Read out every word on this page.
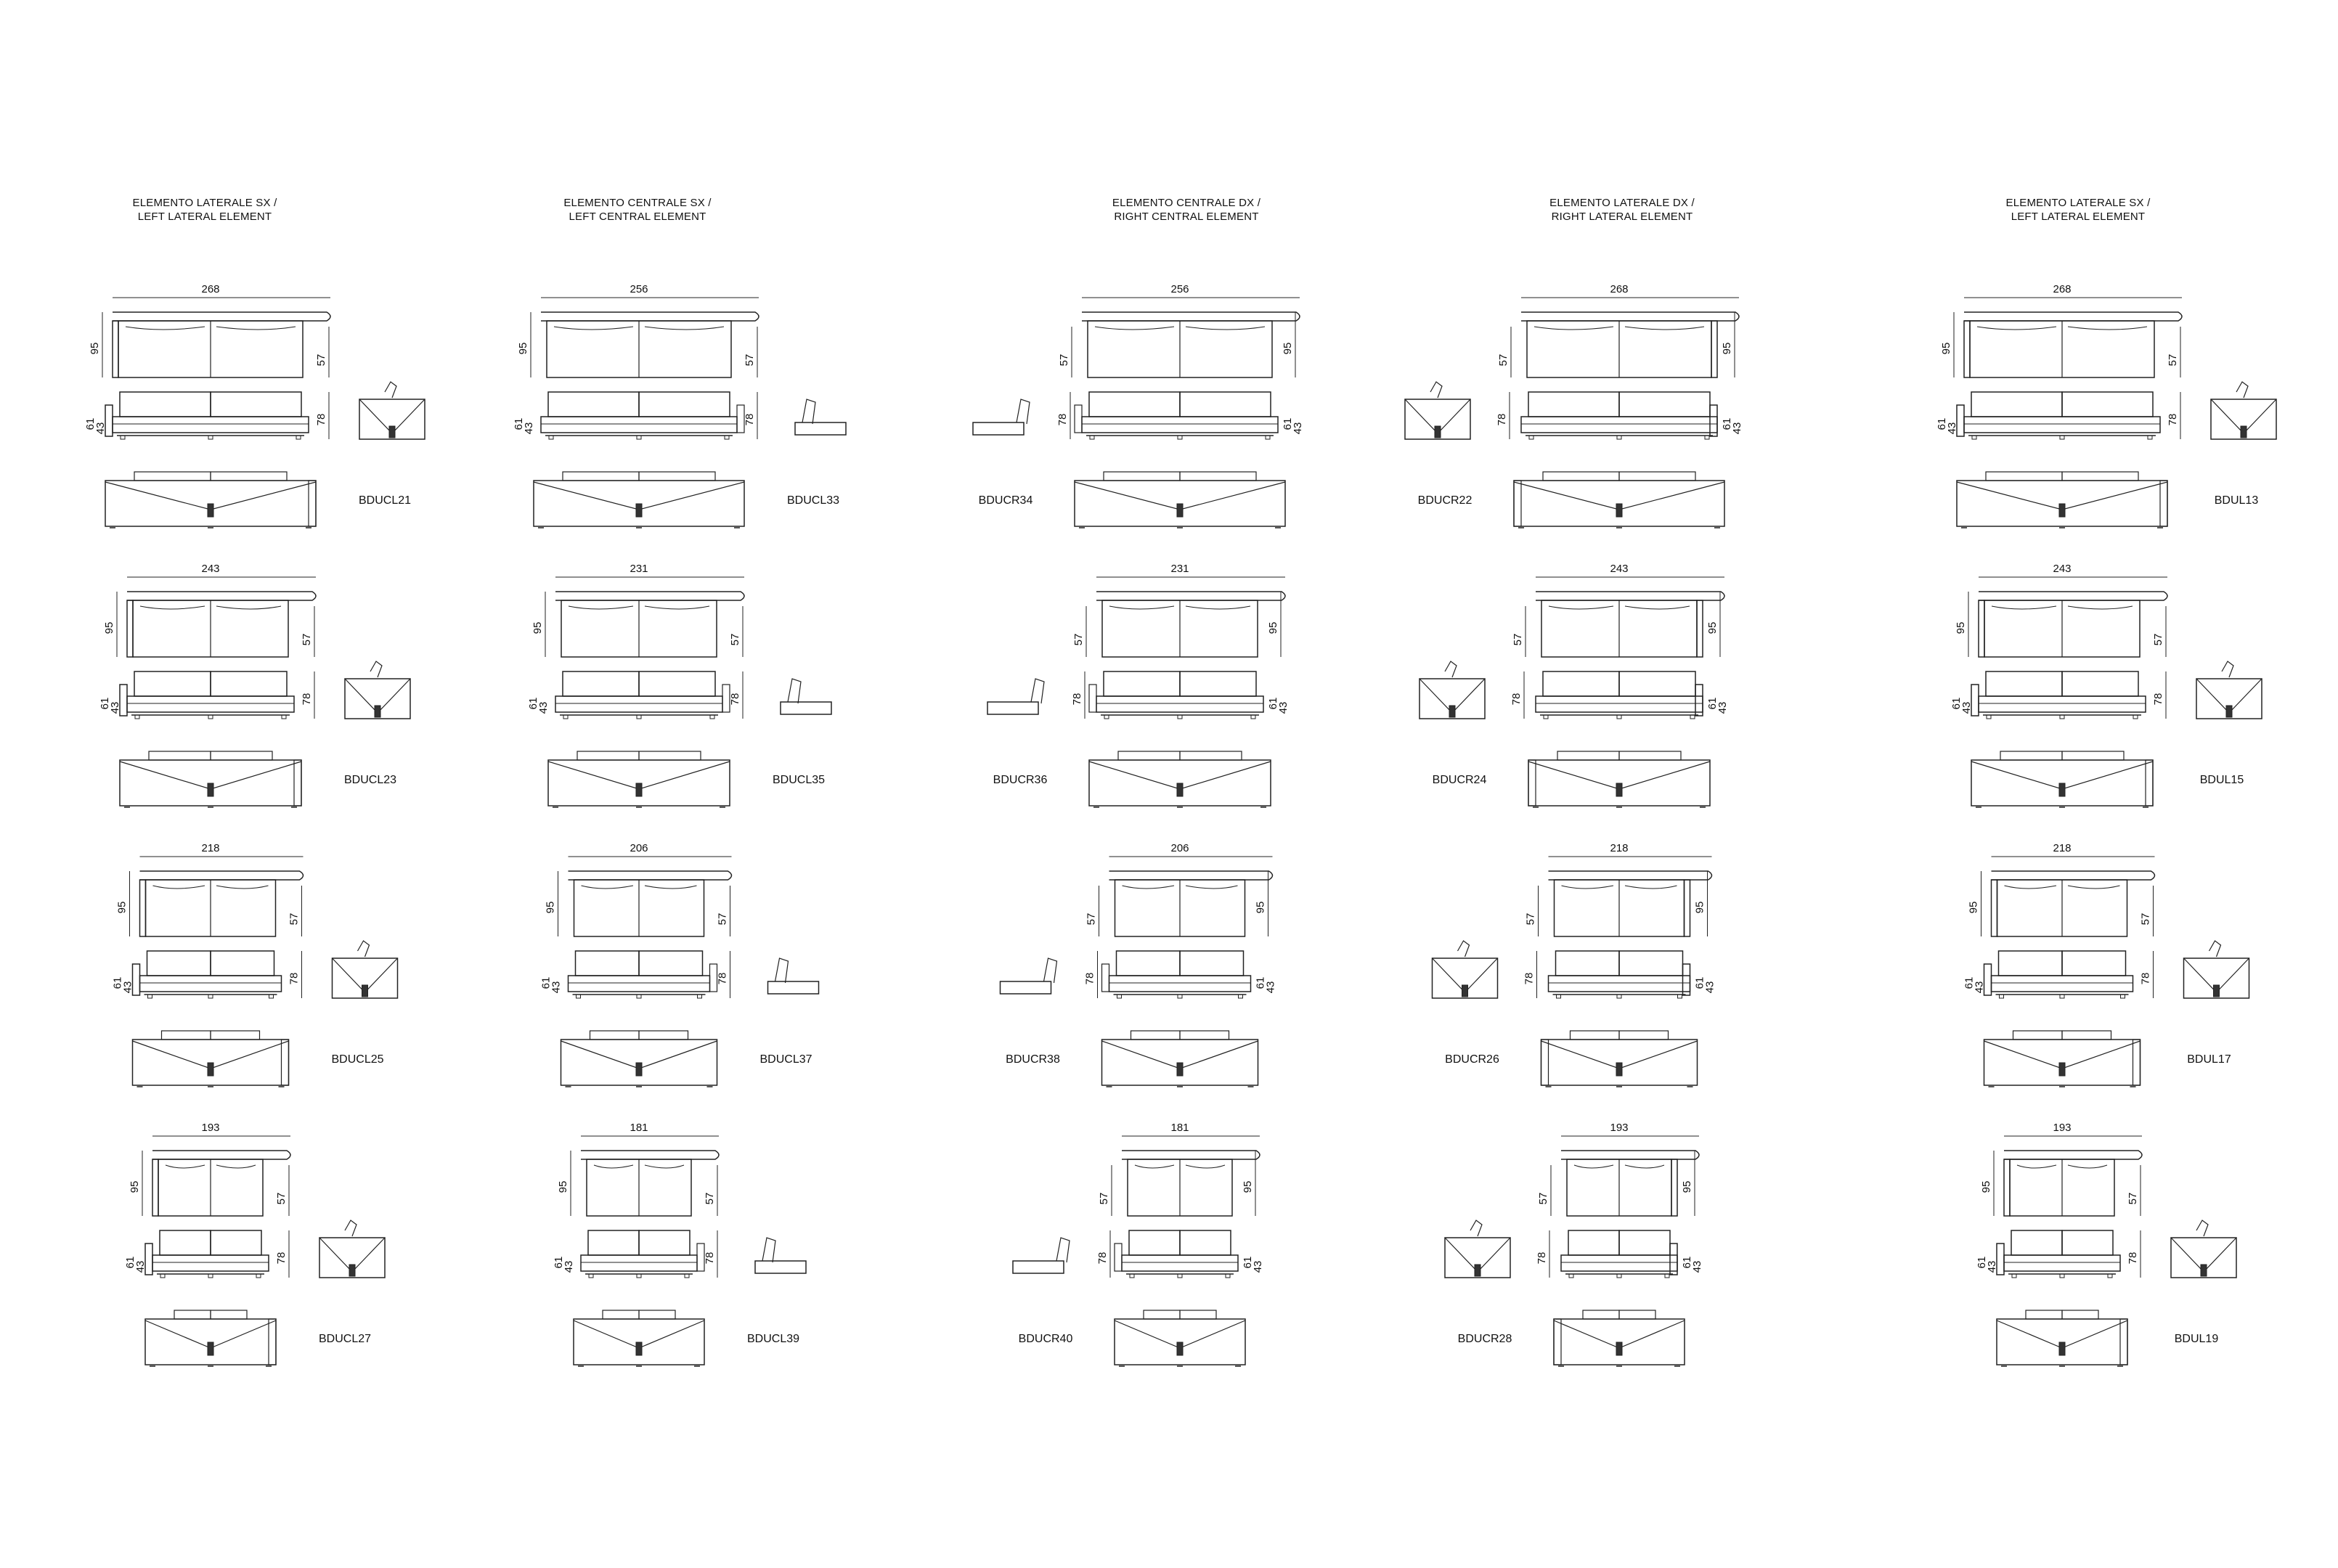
ELEMENTO LATERALE SX /
LEFT LATERAL ELEMENT
ELEMENTO CENTRALE SX /
LEFT CENTRAL ELEMENT
ELEMENTO CENTRALE DX /
RIGHT CENTRAL ELEMENT
ELEMENTO LATERALE DX /
RIGHT LATERAL ELEMENT
ELEMENTO LATERALE SX /
LEFT LATERAL ELEMENT
268
95
57
78
61
43
BDUCL21
243
95
57
78
61
43
BDUCL23
218
95
57
78
61
43
BDUCL25
193
95
57
78
61
43
BDUCL27
256
95
57
78
61
43
BDUCL33
231
95
57
78
61
43
BDUCL35
206
95
57
78
61
43
BDUCL37
181
95
57
78
61
43
BDUCL39
256
95
57
78	61
43
BDUCR34
231
95
57
78	61
43
BDUCR36
206
95
57
78	61
43
BDUCR38
181
95
57
78	61
43
BDUCR40
268
95
57
78	61
43
BDUCR22
243
95
57
78	61
43
BDUCR24
218
95
57
78	61
43
BDUCR26
193
95
57
78	61
43
BDUCR28
268
95
57
78
61
43
BDUL13
243
95
57
78
61
43
BDUL15
218
95
57
78
61
43
BDUL17
193
95
57
78
61
43
BDUL19
